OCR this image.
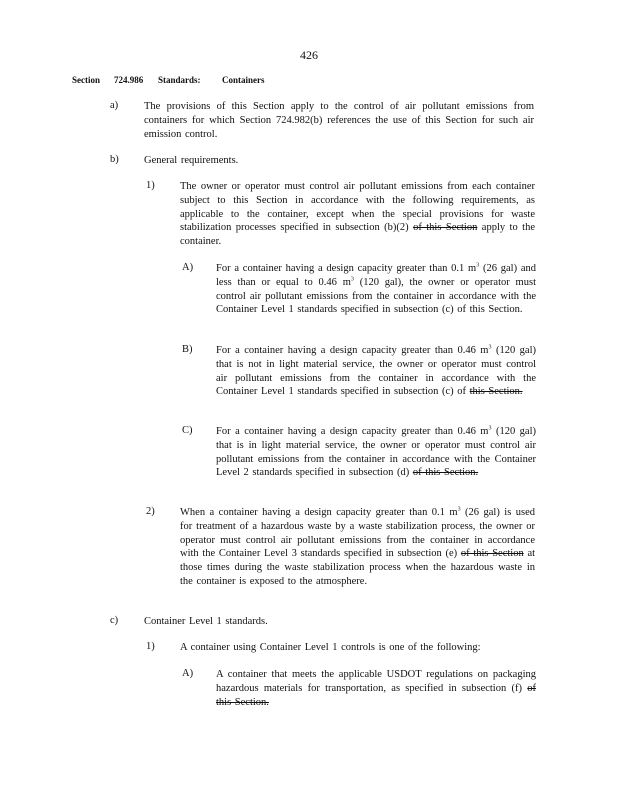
426
Section 724.986 Standards: Containers
a) The provisions of this Section apply to the control of air pollutant emissions from containers for which Section 724.982(b) references the use of this Section for such air emission control.
b) General requirements.
1) The owner or operator must control air pollutant emissions from each container subject to this Section in accordance with the following requirements, as applicable to the container, except when the special provisions for waste stabilization processes specified in subsection (b)(2) of this Section apply to the container.
A) For a container having a design capacity greater than 0.1 $m^3$ (26 gal) and less than or equal to 0.46 $m^3$ (120 gal), the owner or operator must control air pollutant emissions from the container in accordance with the Container Level 1 standards specified in subsection (c) of this Section.
B) For a container having a design capacity greater than 0.46 $m^3$ (120 gal) that is not in light material service, the owner or operator must control air pollutant emissions from the container in accordance with the Container Level 1 standards specified in subsection (c) of this Section.
C) For a container having a design capacity greater than 0.46 $m^3$ (120 gal) that is in light material service, the owner or operator must control air pollutant emissions from the container in accordance with the Container Level 2 standards specified in subsection (d) of this Section.
2) When a container having a design capacity greater than 0.1 $m^3$ (26 gal) is used for treatment of a hazardous waste by a waste stabilization process, the owner or operator must control air pollutant emissions from the container in accordance with the Container Level 3 standards specified in subsection (e) of this Section at those times during the waste stabilization process when the hazardous waste in the container is exposed to the atmosphere.
c) Container Level 1 standards.
1) A container using Container Level 1 controls is one of the following:
A) A container that meets the applicable USDOT regulations on packaging hazardous materials for transportation, as specified in subsection (f) of this Section.
